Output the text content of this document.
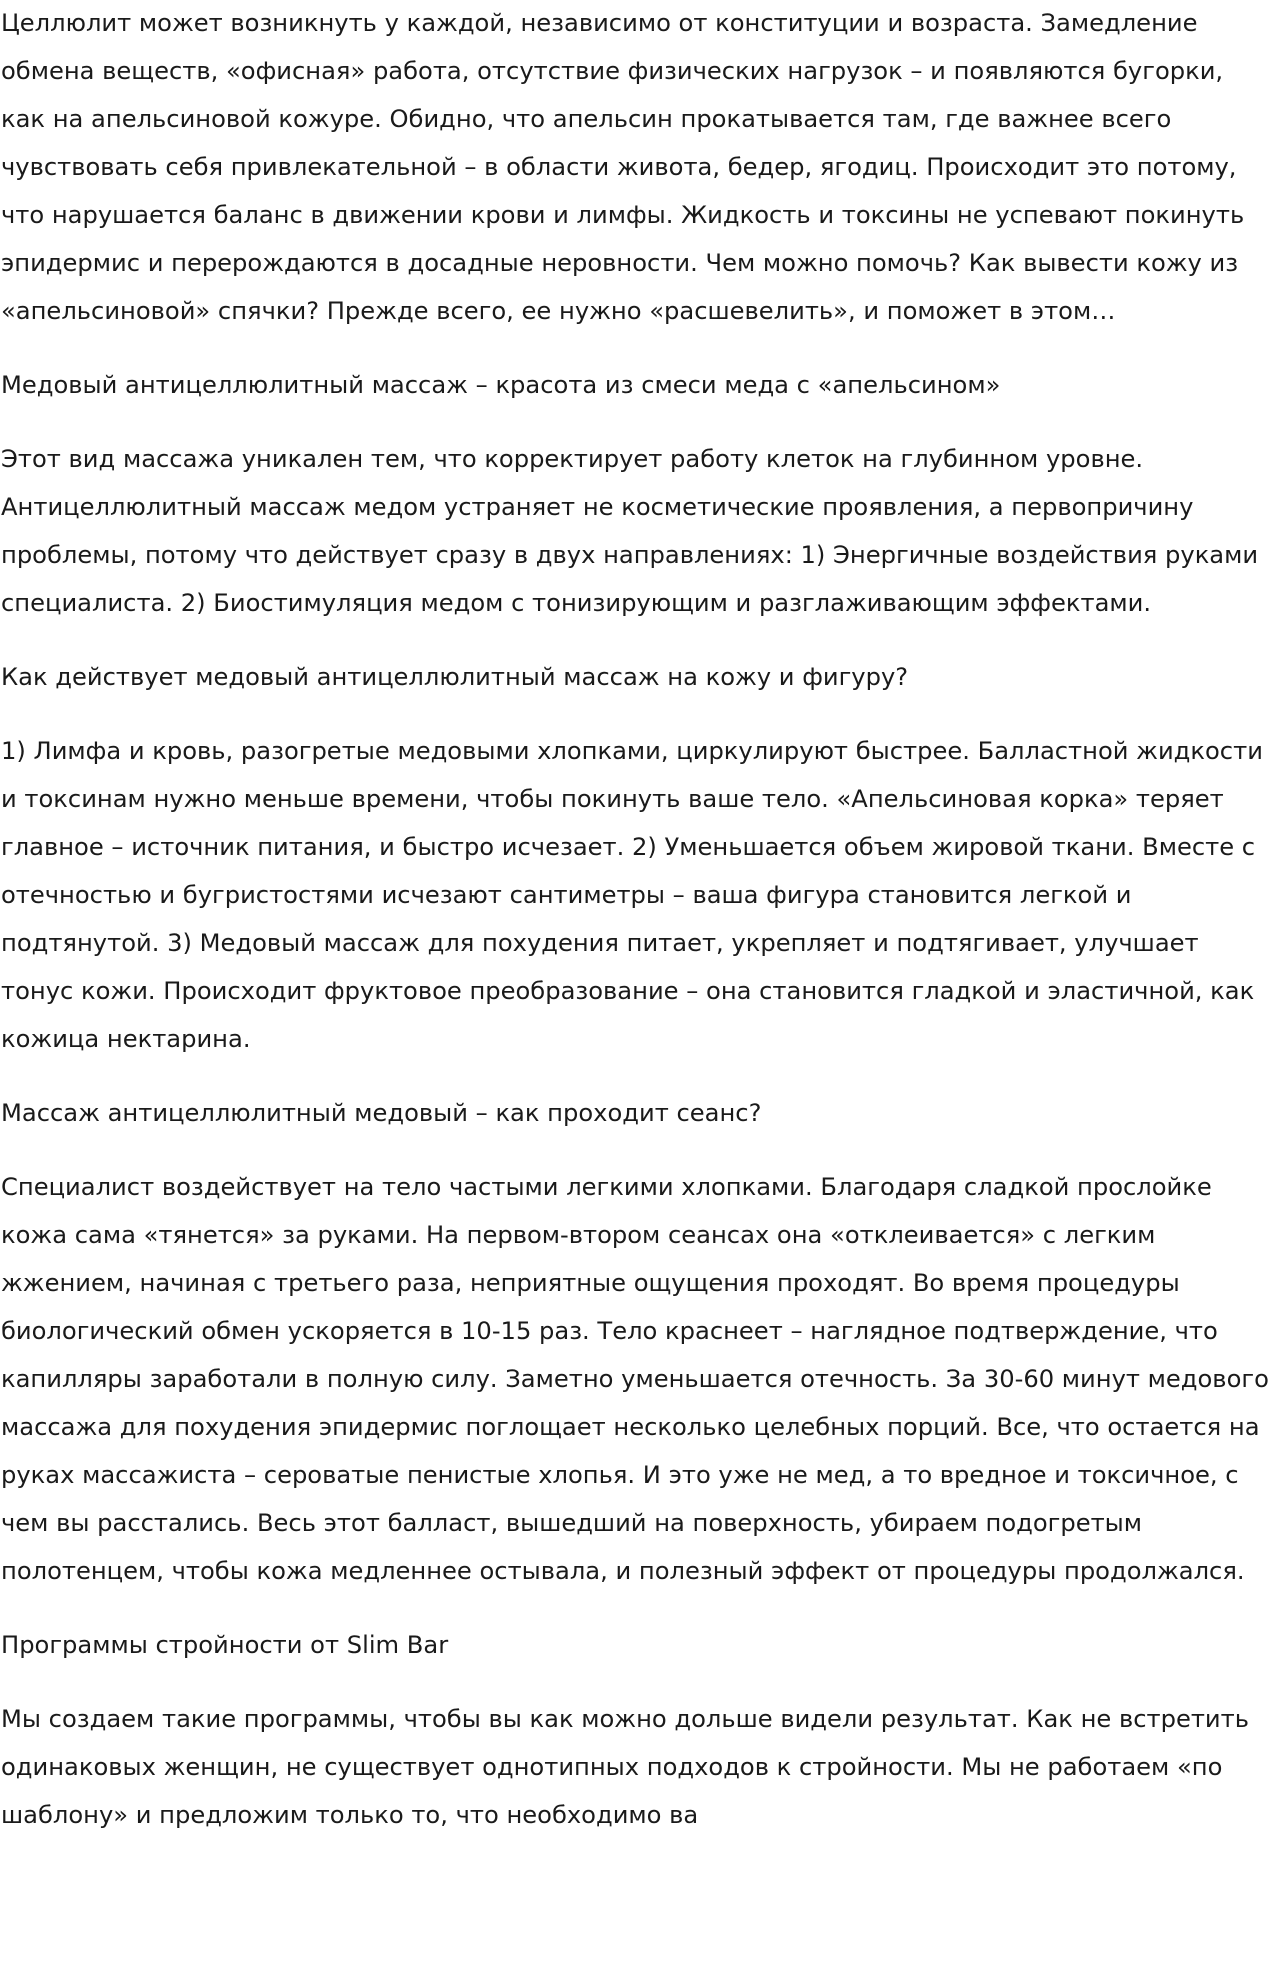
Целлюлит может возникнуть у каждой, независимо от конституции и возраста. Замедление обмена веществ, «офисная» работа, отсутствие физических нагрузок – и появляются бугорки, как на апельсиновой кожуре. Обидно, что апельсин прокатывается там, где важнее всего чувствовать себя привлекательной – в области живота, бедер, ягодиц. Происходит это потому, что нарушается баланс в движении крови и лимфы. Жидкость и токсины не успевают покинуть эпидермис и перерождаются в досадные неровности. Чем можно помочь? Как вывести кожу из «апельсиновой» спячки? Прежде всего, ее нужно «расшевелить», и поможет в этом…

Медовый антицеллюлитный массаж – красота из смеси меда с «апельсином»

Этот вид массажа уникален тем, что корректирует работу клеток на глубинном уровне. Антицеллюлитный массаж медом устраняет не косметические проявления, а первопричину проблемы, потому что действует сразу в двух направлениях: 1) Энергичные воздействия руками специалиста. 2) Биостимуляция медом с тонизирующим и разглаживающим эффектами.

Как действует медовый антицеллюлитный массаж на кожу и фигуру?

1) Лимфа и кровь, разогретые медовыми хлопками, циркулируют быстрее. Балластной жидкости и токсинам нужно меньше времени, чтобы покинуть ваше тело. «Апельсиновая корка» теряет главное – источник питания, и быстро исчезает. 2) Уменьшается объем жировой ткани. Вместе с отечностью и бугристостями исчезают сантиметры – ваша фигура становится легкой и подтянутой. 3) Медовый массаж для похудения питает, укрепляет и подтягивает, улучшает тонус кожи. Происходит фруктовое преобразование – она становится гладкой и эластичной, как кожица нектарина.

Массаж антицеллюлитный медовый – как проходит сеанс?

Специалист воздействует на тело частыми легкими хлопками. Благодаря сладкой прослойке кожа сама «тянется» за руками. На первом-втором сеансах она «отклеивается» с легким жжением, начиная с третьего раза, неприятные ощущения проходят. Во время процедуры биологический обмен ускоряется в 10-15 раз. Тело краснеет – наглядное подтверждение, что капилляры заработали в полную силу. Заметно уменьшается отечность. За 30-60 минут медового массажа для похудения эпидермис поглощает несколько целебных порций. Все, что остается на руках массажиста – сероватые пенистые хлопья. И это уже не мед, а то вредное и токсичное, с чем вы расстались. Весь этот балласт, вышедший на поверхность, убираем подогретым полотенцем, чтобы кожа медленнее остывала, и полезный эффект от процедуры продолжался.

Программы стройности от Slim Bar

Мы создаем такие программы, чтобы вы как можно дольше видели результат. Как не встретить одинаковых женщин, не существует однотипных подходов к стройности. Мы не работаем «по шаблону» и предложим только то, что необходимо ва
